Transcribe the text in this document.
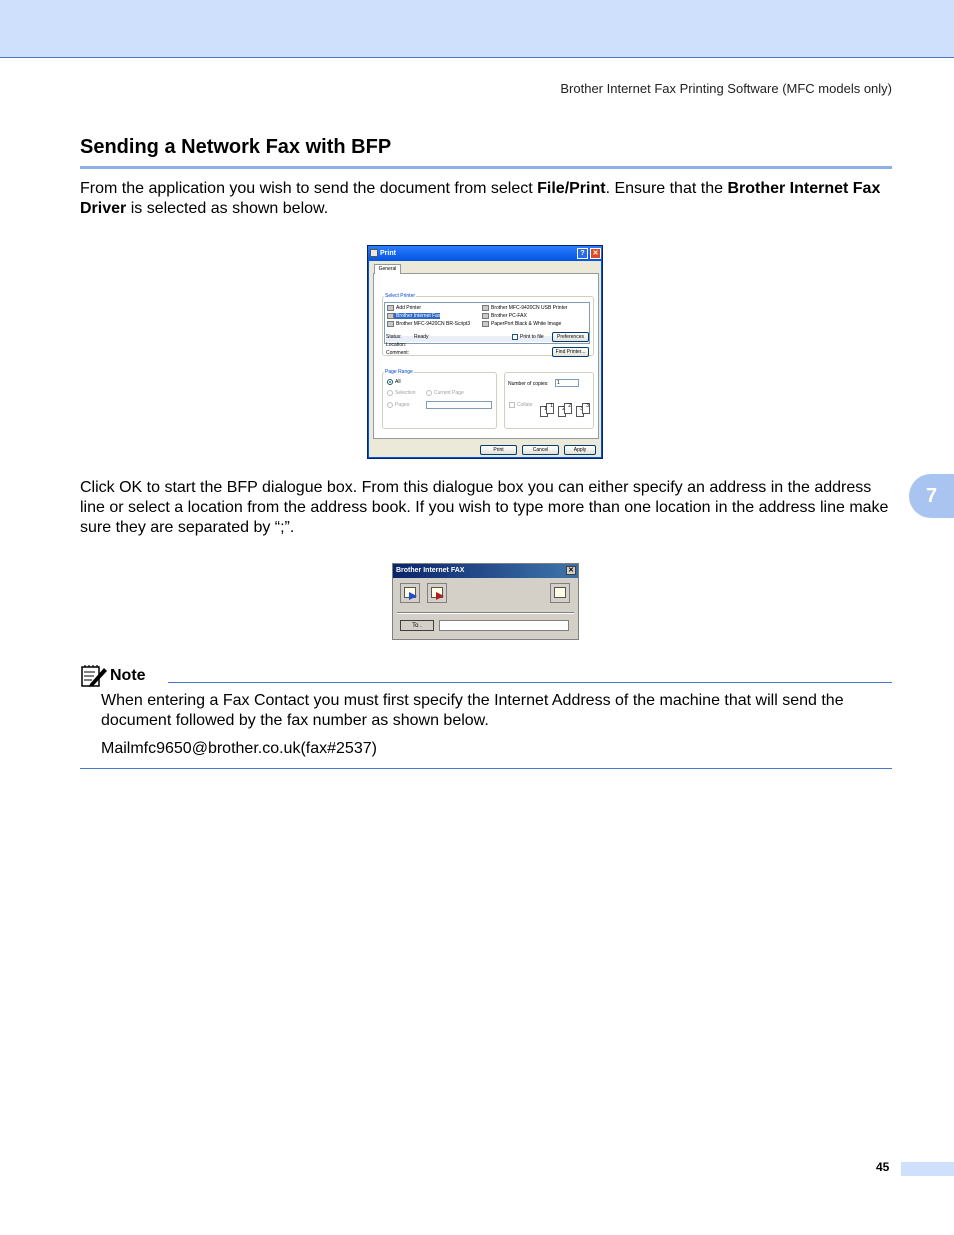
Brother Internet Fax Printing Software (MFC models only)
Sending a Network Fax with BFP

From the application you wish to send the document from select File/Print. Ensure that the Brother Internet Fax Driver is selected as shown below.

Print	?	✕
Select Printer
Add Printer
Brother Internet Fax
Brother MFC-9420CN BR-Script3
Brother MFC-9420CN USB Printer
Brother PC-FAX
PaperPort Black & White Image
Status: Ready
Location:
Comment:
Print to file	Preferences
Find Printer...
Page Range
All
Selection	Current Page
Pages:
Number of copies:	1
Collate	1	2	3
General
Print	Cancel	Apply

Click OK to start the BFP dialogue box. From this dialogue box you can either specify an address in the address line or select a location from the address book. If you wish to type more than one location in the address line make sure they are separated by “;”.

7
Brother Internet FAX	✕
To .
Note

When entering a Fax Contact you must first specify the Internet Address of the machine that will send the document followed by the fax number as shown below.

Mailmfc9650@brother.co.uk(fax#2537)

45
